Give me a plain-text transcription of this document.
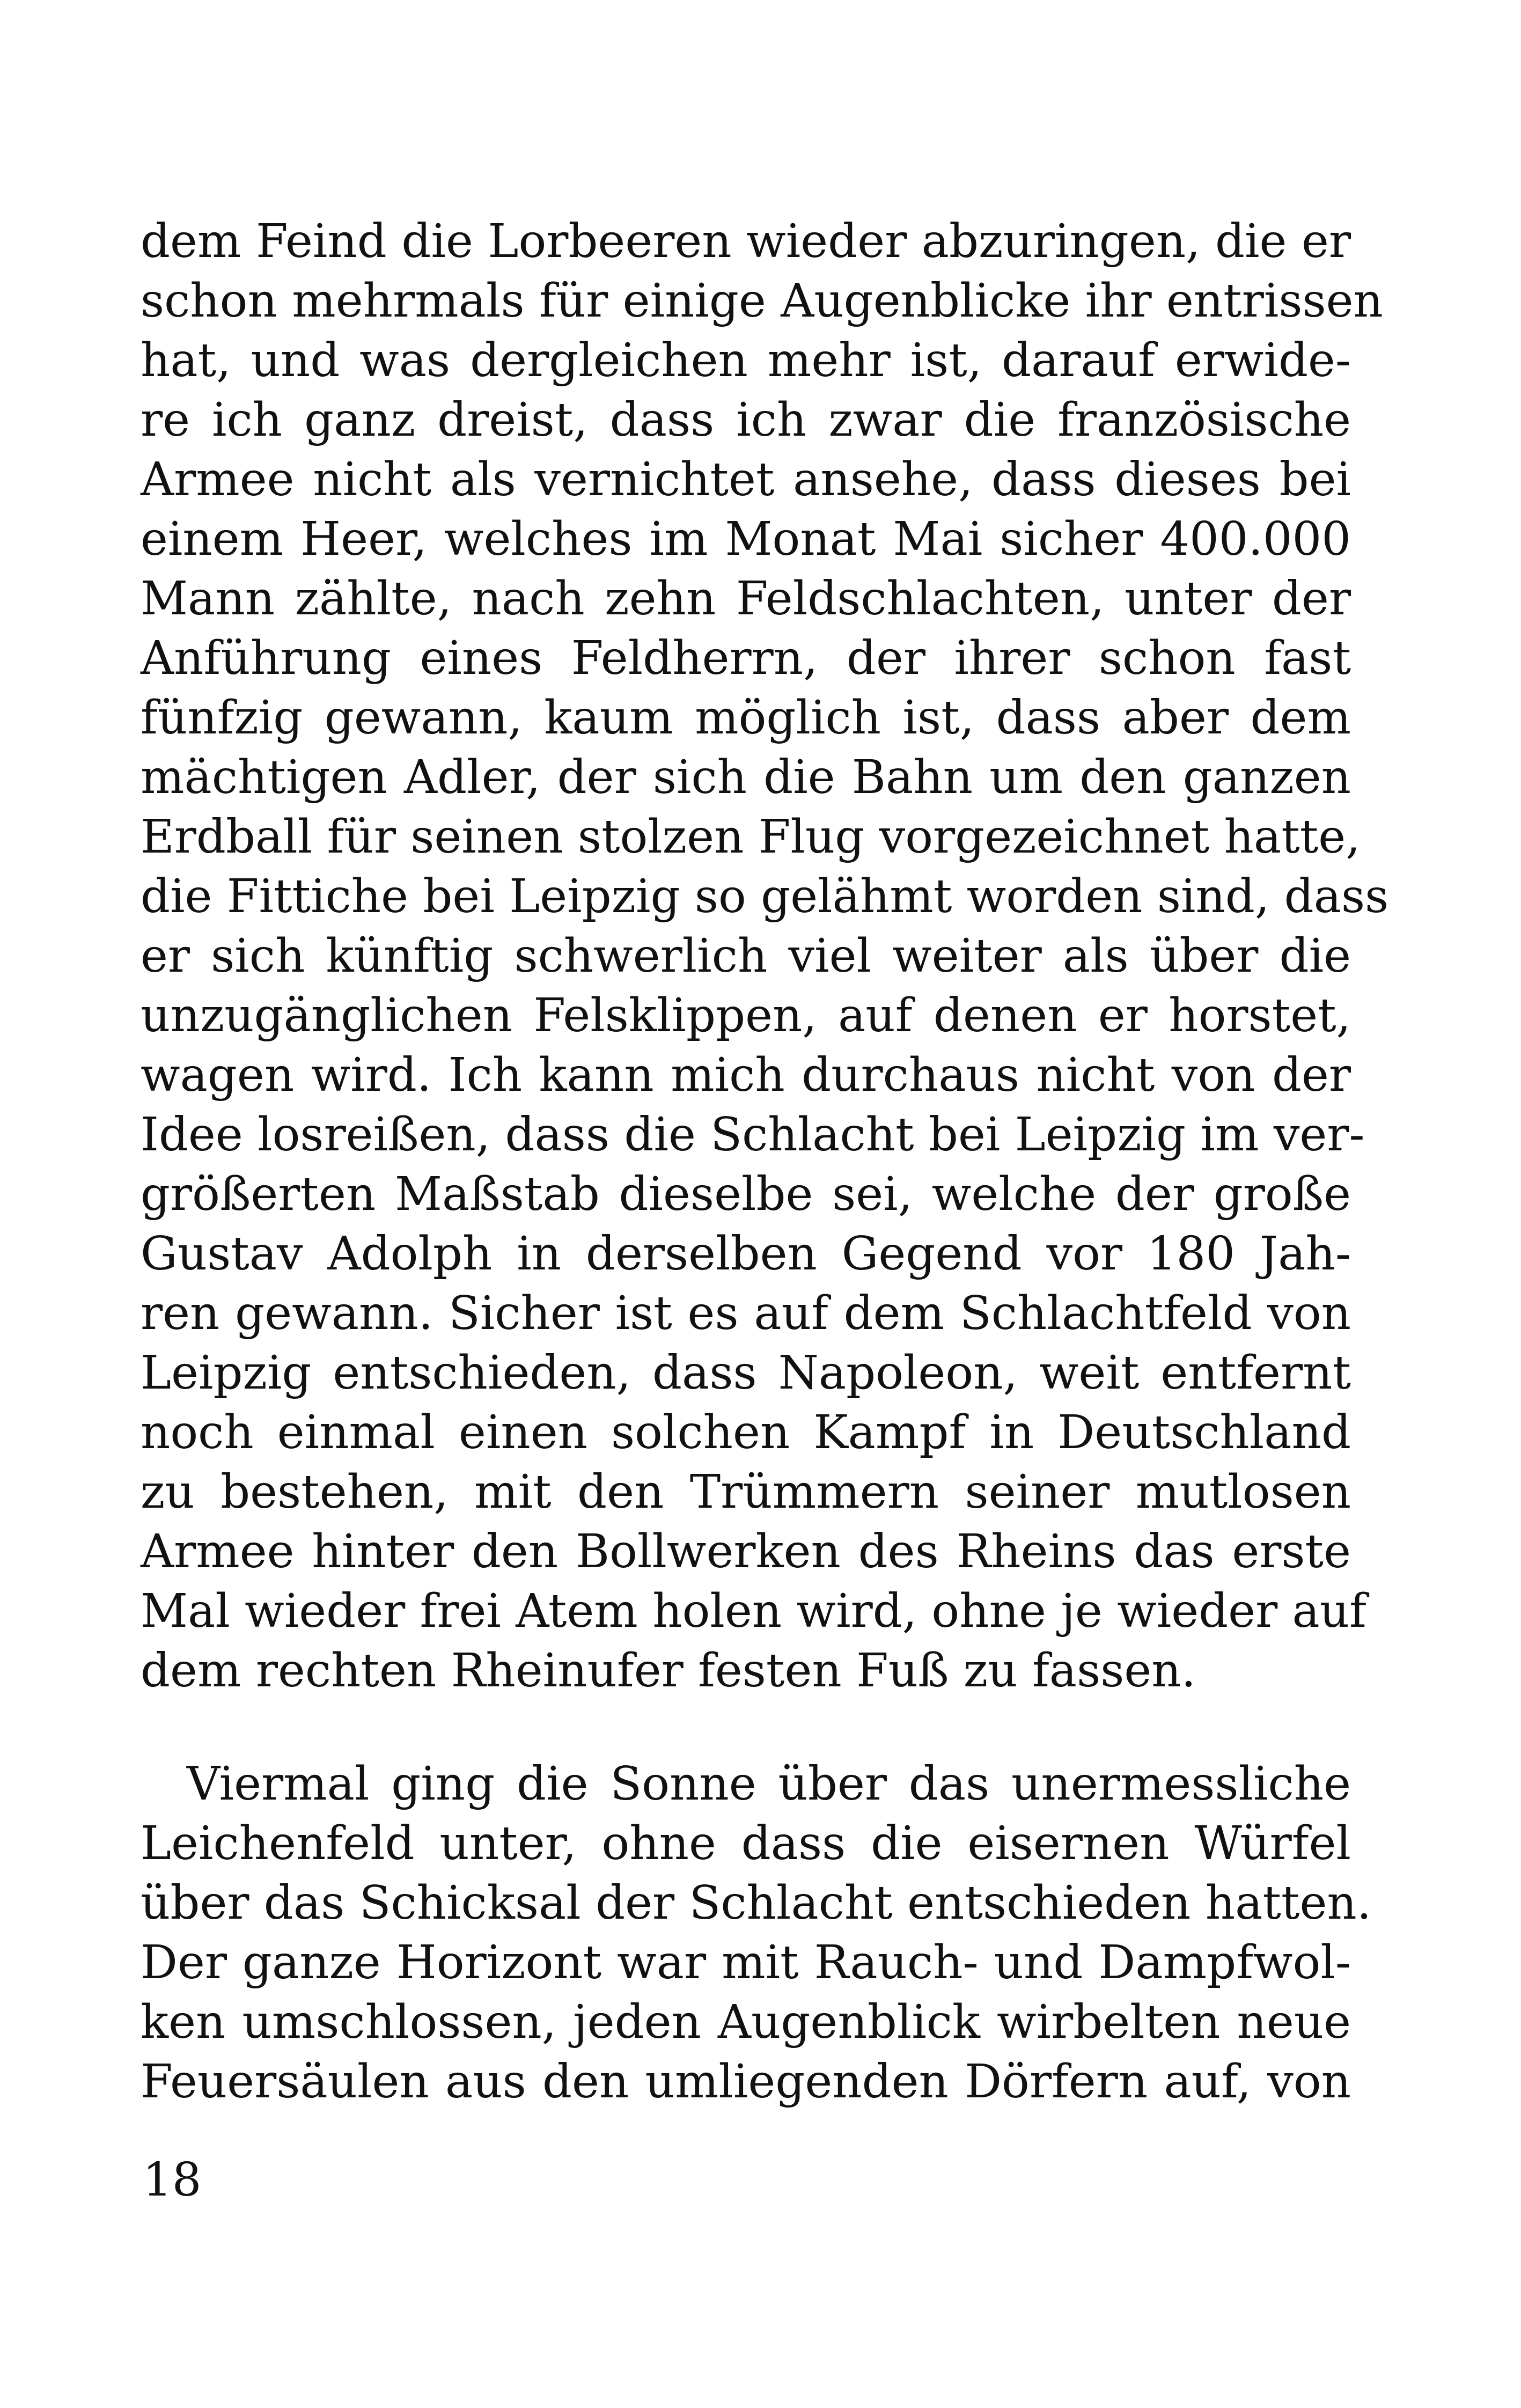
dem Feind die Lorbeeren wieder abzuringen, die er
schon mehrmals für einige Augenblicke ihr entrissen
hat, und was dergleichen mehr ist, darauf erwide-
re ich ganz dreist, dass ich zwar die französische
Armee nicht als vernichtet ansehe, dass dieses bei
einem Heer, welches im Monat Mai sicher 400.000
Mann zählte, nach zehn Feldschlachten, unter der
Anführung eines Feldherrn, der ihrer schon fast
fünfzig gewann, kaum möglich ist, dass aber dem
mächtigen Adler, der sich die Bahn um den ganzen
Erdball für seinen stolzen Flug vorgezeichnet hatte,
die Fittiche bei Leipzig so gelähmt worden sind, dass
er sich künftig schwerlich viel weiter als über die
unzugänglichen Felsklippen, auf denen er horstet,
wagen wird. Ich kann mich durchaus nicht von der
Idee losreißen, dass die Schlacht bei Leipzig im ver-
größerten Maßstab dieselbe sei, welche der große
Gustav Adolph in derselben Gegend vor 180 Jah-
ren gewann. Sicher ist es auf dem Schlachtfeld von
Leipzig entschieden, dass Napoleon, weit entfernt
noch einmal einen solchen Kampf in Deutschland
zu bestehen, mit den Trümmern seiner mutlosen
Armee hinter den Bollwerken des Rheins das erste
Mal wieder frei Atem holen wird, ohne je wieder auf
dem rechten Rheinufer festen Fuß zu fassen.

  Viermal ging die Sonne über das unermessliche
Leichenfeld unter, ohne dass die eisernen Würfel
über das Schicksal der Schlacht entschieden hatten.
Der ganze Horizont war mit Rauch- und Dampfwol-
ken umschlossen, jeden Augenblick wirbelten neue
Feuersäulen aus den umliegenden Dörfern auf, von

18
